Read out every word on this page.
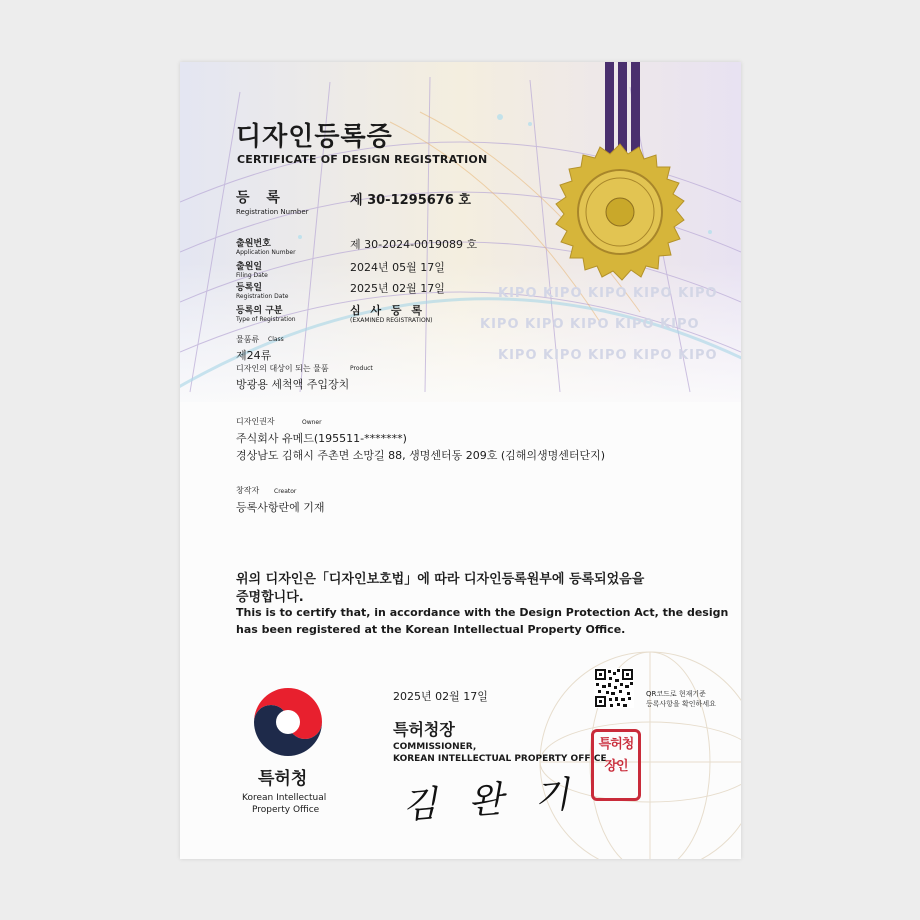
KIPO KIPO KIPO KIPO KIPO
KIPO KIPO KIPO KIPO KIPO
KIPO KIPO KIPO KIPO KIPO
디자인등록증
CERTIFICATE OF DESIGN REGISTRATION
등 록
Registration Number
제 30-1295676 호
출원번호
Application Number
제 30-2024-0019089 호
출원일
Filing Date
2024년 05월 17일
등록일
Registration Date
2025년 02월 17일
등록의 구분
Type of Registration
심 사 등 록
(EXAMINED REGISTRATION)
물품류 Class
제24류
디자인의 대상이 되는 물품	Product
방광용 세척액 주입장치
디자인권자	Owner
주식회사 유메드(195511-*******)
경상남도 김해시 주촌면 소망길 88, 생명센터동 209호 (김해의생명센터단지)
창작자 Creator
등록사항란에 기재
위의 디자인은「디자인보호법」에 따라 디자인등록원부에 등록되었음을
증명합니다.
This is to certify that, in accordance with the Design Protection Act, the design
has been registered at the Korean Intellectual Property Office.
2025년 02월 17일	QR코드로 현재기준
등록사항을 확인하세요
특허청장
COMMISSIONER,
KOREAN INTELLECTUAL PROPERTY OFFICE
김 완 기
특허청
장인
특허청
Korean Intellectual
Property Office
